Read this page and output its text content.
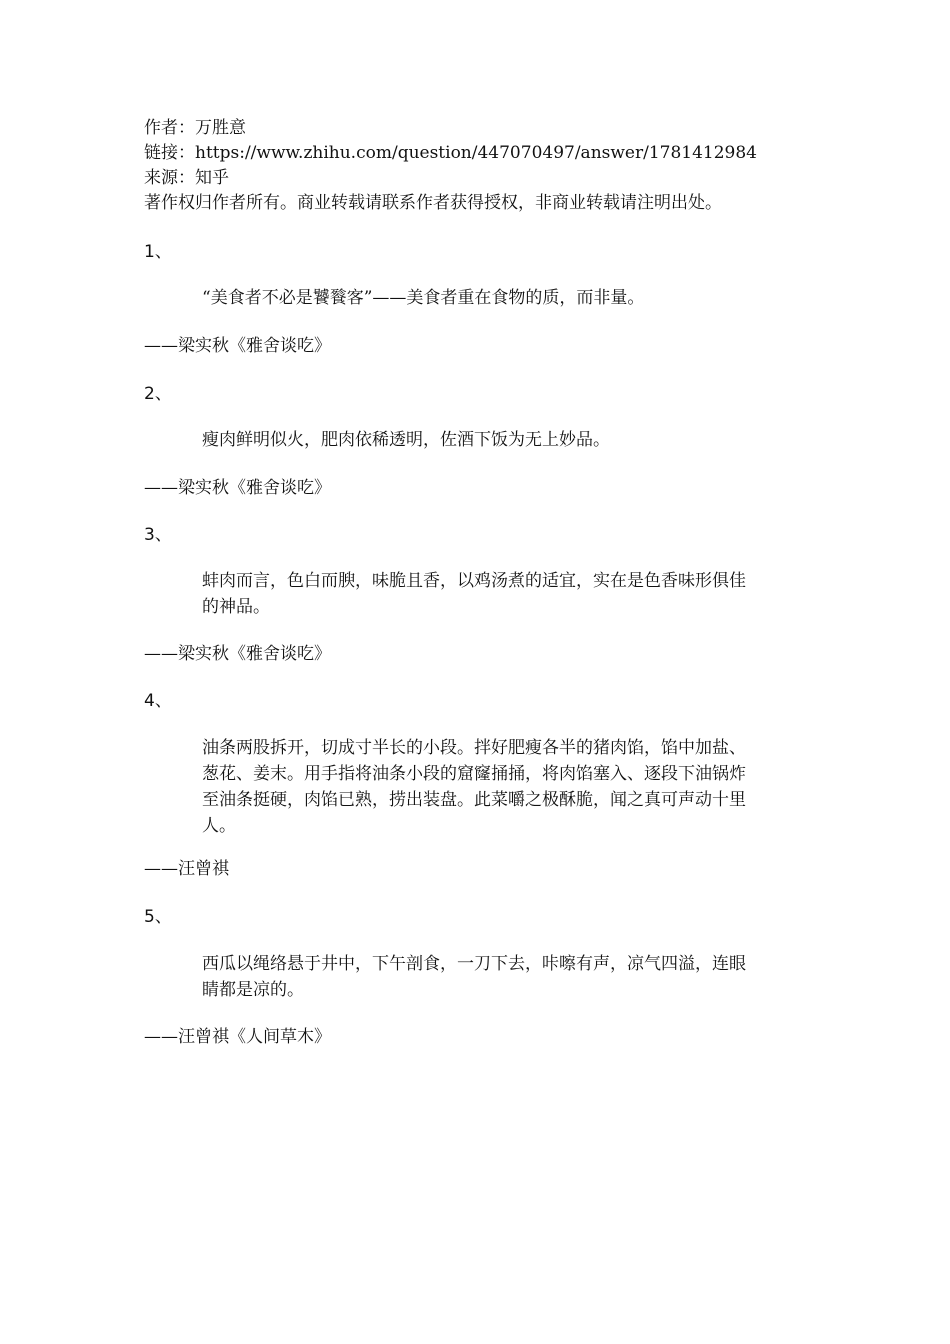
作者：万胜意
链接：https://www.zhihu.com/question/447070497/answer/1781412984
来源：知乎
著作权归作者所有。商业转载请联系作者获得授权，非商业转载请注明出处。
1、
“美食者不必是饕餮客”——美食者重在食物的质，而非量。
——梁实秋《雅舍谈吃》
2、
瘦肉鲜明似火，肥肉依稀透明，佐酒下饭为无上妙品。
——梁实秋《雅舍谈吃》
3、
蚌肉而言，色白而腴，味脆且香，以鸡汤煮的适宜，实在是色香味形俱佳的神品。
——梁实秋《雅舍谈吃》
4、
油条两股拆开，切成寸半长的小段。拌好肥瘦各半的猪肉馅，馅中加盐、葱花、姜末。用手指将油条小段的窟窿捅捅，将肉馅塞入、逐段下油锅炸至油条挺硬，肉馅已熟，捞出装盘。此菜嚼之极酥脆，闻之真可声动十里人。
——汪曾祺
5、
西瓜以绳络悬于井中，下午剖食，一刀下去，咔嚓有声，凉气四溢，连眼睛都是凉的。
——汪曾祺《人间草木》
